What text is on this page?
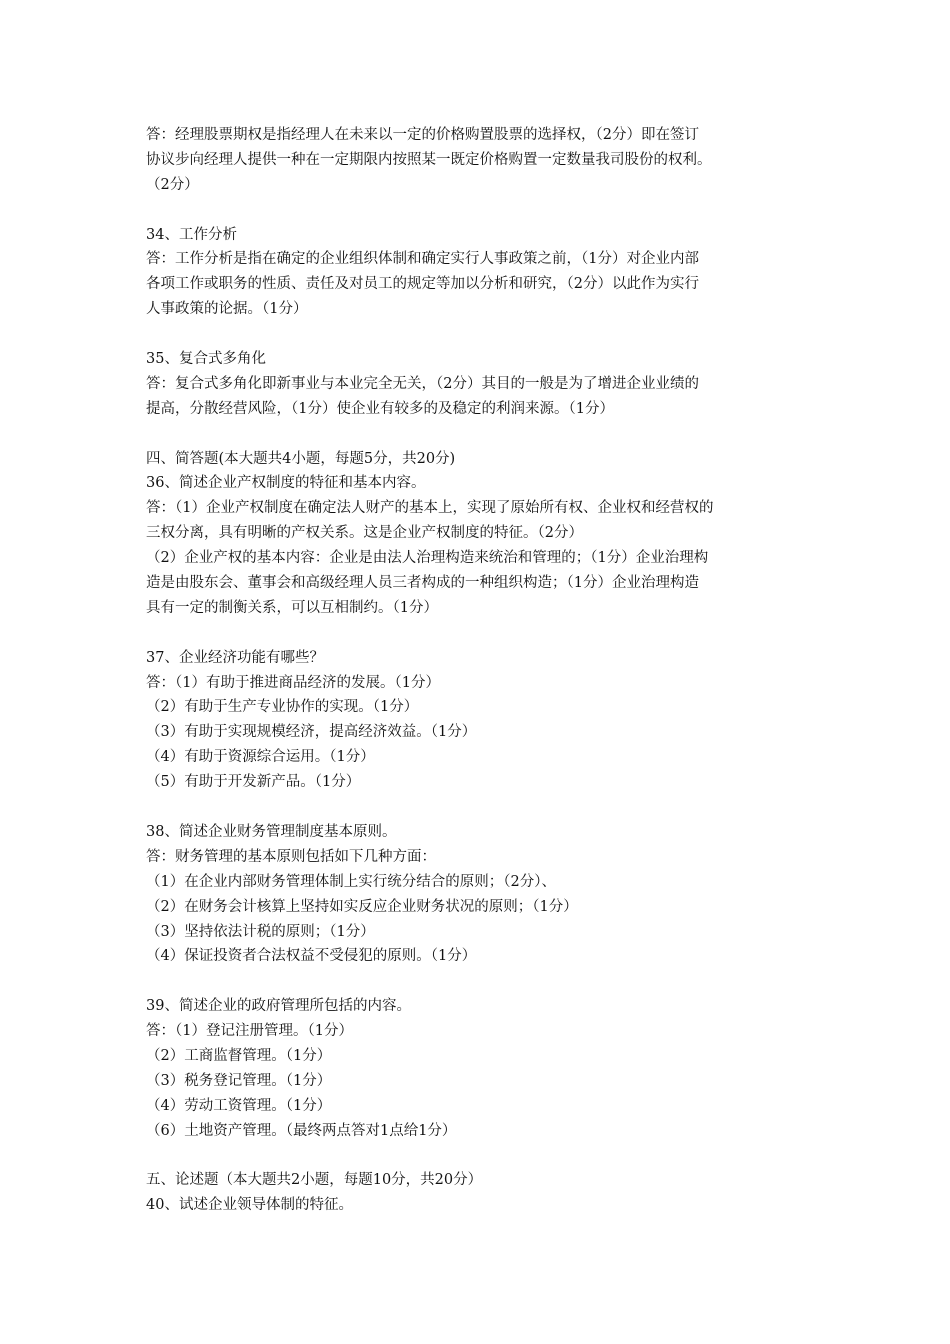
答：经理股票期权是指经理人在未来以一定的价格购置股票的选择权，（2分）即在签订

协议步向经理人提供一种在一定期限内按照某一既定价格购置一定数量我司股份的权利。

（2分）

34、工作分析

答：工作分析是指在确定的企业组织体制和确定实行人事政策之前，（1分）对企业内部

各项工作或职务的性质、责任及对员工的规定等加以分析和研究，（2分）以此作为实行

人事政策的论据。（1分）

35、复合式多角化

答：复合式多角化即新事业与本业完全无关，（2分）其目的一般是为了增进企业业绩的

提高，分散经营风险，（1分）使企业有较多的及稳定的利润来源。（1分）

四、简答题(本大题共4小题，每题5分，共20分)

36、简述企业产权制度的特征和基本内容。

答：（1）企业产权制度在确定法人财产的基本上，实现了原始所有权、企业权和经营权的

三权分离，具有明晰的产权关系。这是企业产权制度的特征。（2分）

（2）企业产权的基本内容：企业是由法人治理构造来统治和管理的；（1分）企业治理构

造是由股东会、董事会和高级经理人员三者构成的一种组织构造；（1分）企业治理构造

具有一定的制衡关系，可以互相制约。（1分）

37、企业经济功能有哪些？

答：（1）有助于推进商品经济的发展。（1分）

（2）有助于生产专业协作的实现。（1分）

（3）有助于实现规模经济，提高经济效益。（1分）

（4）有助于资源综合运用。（1分）

（5）有助于开发新产品。（1分）

38、简述企业财务管理制度基本原则。

答：财务管理的基本原则包括如下几种方面：

（1）在企业内部财务管理体制上实行统分结合的原则；（2分）、

（2）在财务会计核算上坚持如实反应企业财务状况的原则；（1分）

（3）坚持依法计税的原则；（1分）

（4）保证投资者合法权益不受侵犯的原则。（1分）

39、简述企业的政府管理所包括的内容。

答：（1）登记注册管理。（1分）

（2）工商监督管理。（1分）

（3）税务登记管理。（1分）

（4）劳动工资管理。（1分）

（6）土地资产管理。（最终两点答对1点给1分）

五、论述题（本大题共2小题，每题10分，共20分）

40、试述企业领导体制的特征。
